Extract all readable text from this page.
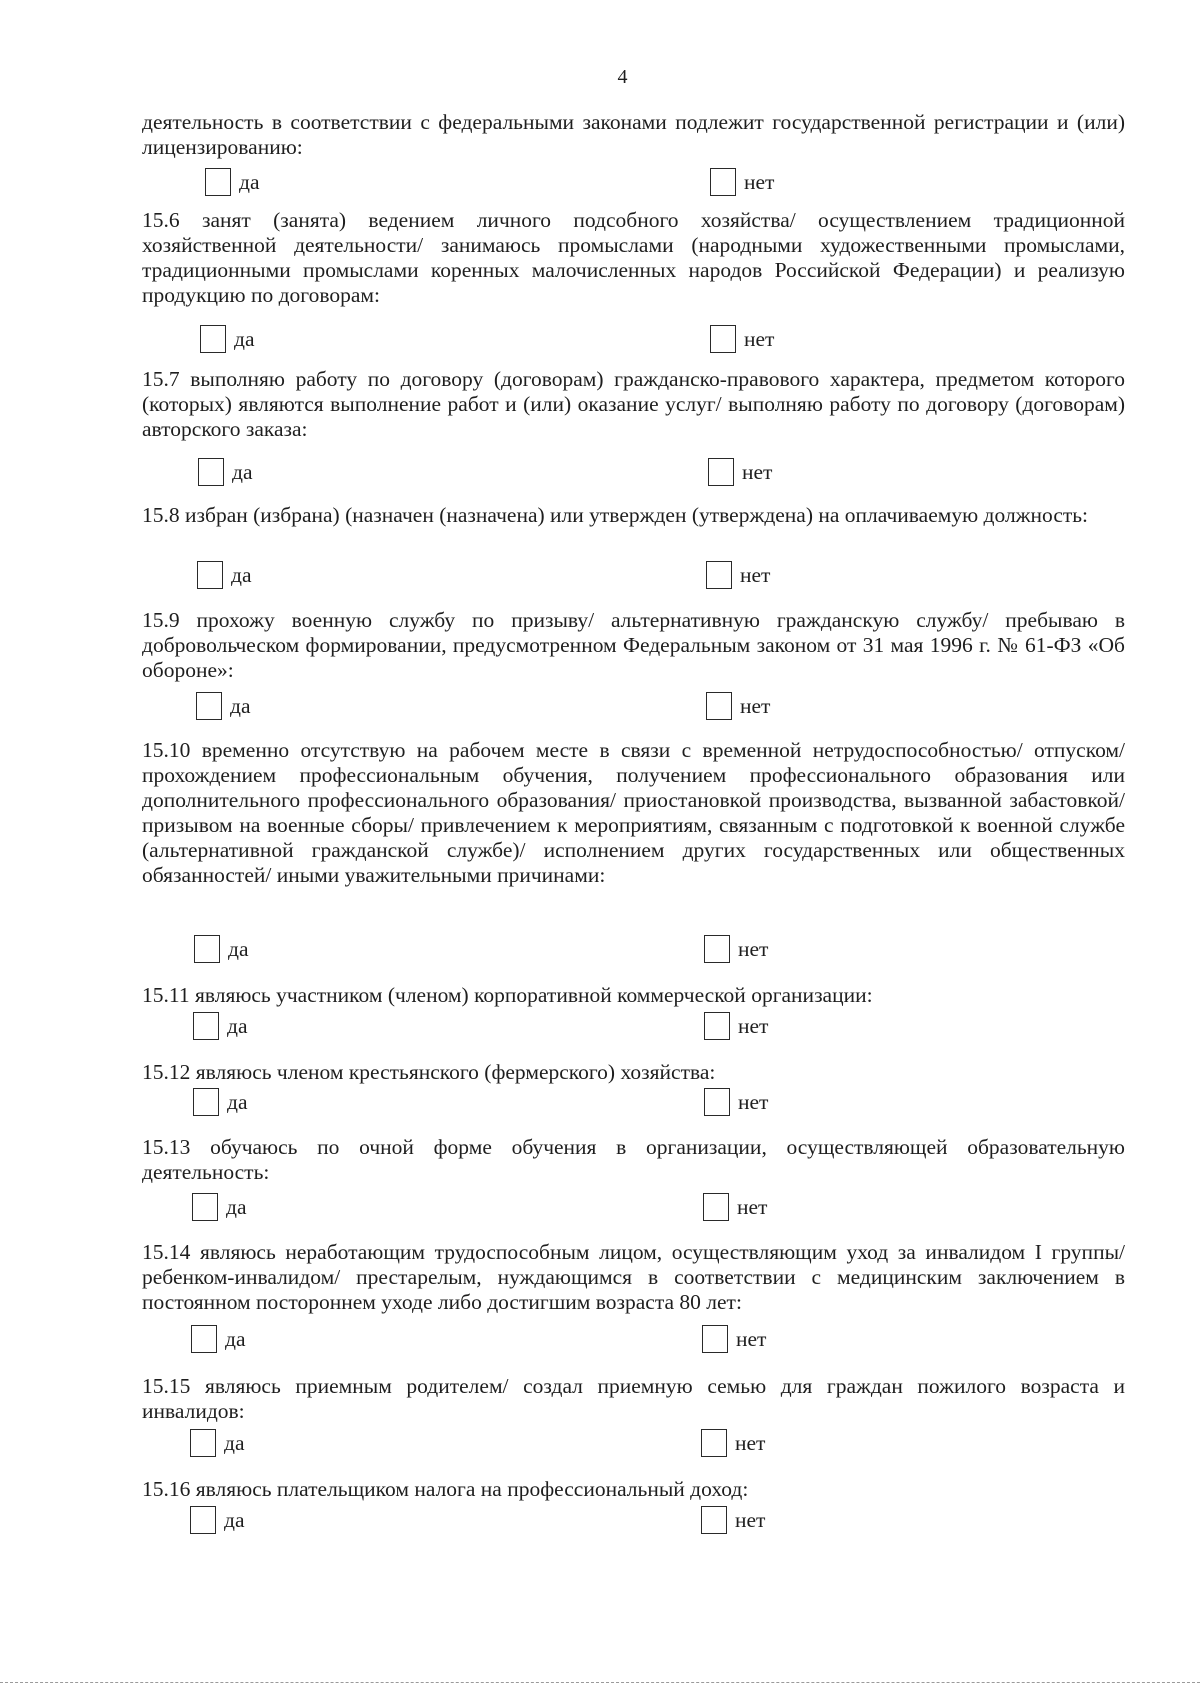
4
деятельность в соответствии с федеральными законами подлежит государственной регистрации и (или) лицензированию:
да	нет
15.6 занят (занята) ведением личного подсобного хозяйства/ осуществлением традиционной хозяйственной деятельности/ занимаюсь промыслами (народными художественными промыслами, традиционными промыслами коренных малочисленных народов Российской Федерации) и реализую продукцию по договорам:
да	нет
15.7 выполняю работу по договору (договорам) гражданско-правового характера, предметом которого (которых) являются выполнение работ и (или) оказание услуг/ выполняю работу по договору (договорам) авторского заказа:
да	нет
15.8 избран (избрана) (назначен (назначена) или утвержден (утверждена) на оплачиваемую должность:
да	нет
15.9 прохожу военную службу по призыву/ альтернативную гражданскую службу/ пребываю в добровольческом формировании, предусмотренном Федеральным законом от 31 мая 1996 г. № 61-ФЗ «Об обороне»:
да	нет
15.10 временно отсутствую на рабочем месте в связи с временной нетрудоспособностью/ отпуском/ прохождением профессиональным обучения, получением профессионального образования или дополнительного профессионального образования/ приостановкой производства, вызванной забастовкой/ призывом на военные сборы/ привлечением к мероприятиям, связанным с подготовкой к военной службе (альтернативной гражданской службе)/ исполнением других государственных или общественных обязанностей/ иными уважительными причинами:
да	нет
15.11 являюсь участником (членом) корпоративной коммерческой организации:
да	нет
15.12 являюсь членом крестьянского (фермерского) хозяйства:
да	нет
15.13 обучаюсь по очной форме обучения в организации, осуществляющей образовательную деятельность:
да	нет
15.14 являюсь неработающим трудоспособным лицом, осуществляющим уход за инвалидом I группы/ ребенком-инвалидом/ престарелым, нуждающимся в соответствии с медицинским заключением в постоянном постороннем уходе либо достигшим возраста 80 лет:
да	нет
15.15 являюсь приемным родителем/ создал приемную семью для граждан пожилого возраста и инвалидов:
да	нет
15.16 являюсь плательщиком налога на профессиональный доход:
да	нет
